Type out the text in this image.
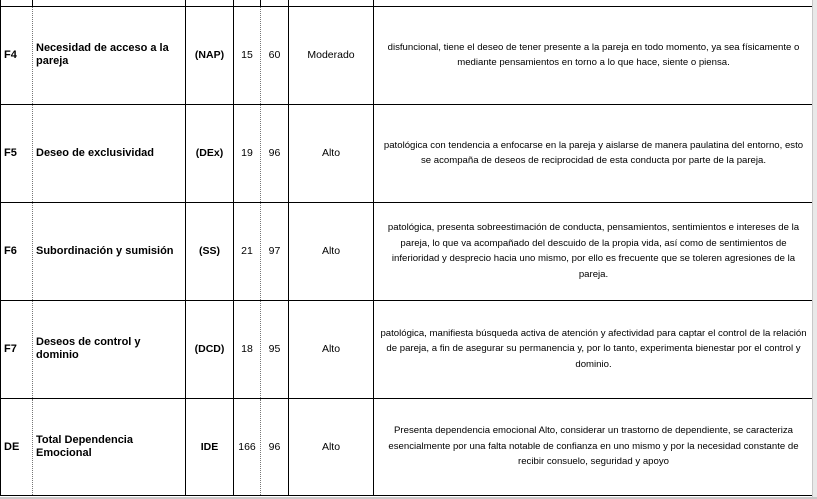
F4	Necesidad de acceso a la pareja	(NAP)	15	60	Moderado	disfuncional, tiene el deseo de tener presente a la pareja en todo momento, ya sea físicamente o mediante pensamientos en torno a lo que hace, siente o piensa.
F5	Deseo de exclusividad	(DEx)	19	96	Alto	patológica con tendencia a enfocarse en la pareja y aislarse de manera paulatina del entorno, esto se acompaña de deseos de reciprocidad de esta conducta por parte de la pareja.
F6	Subordinación y sumisión	(SS)	21	97	Alto	patológica, presenta sobreestimación de conducta, pensamientos, sentimientos e intereses de la pareja, lo que va acompañado del descuido de la propia vida, así como de sentimientos de inferioridad y desprecio hacia uno mismo, por ello es frecuente que se toleren agresiones de la pareja.
F7	Deseos de control y dominio	(DCD)	18	95	Alto	patológica, manifiesta búsqueda activa de atención y afectividad para captar el control de la relación de pareja, a fin de asegurar su permanencia y, por lo tanto, experimenta bienestar por el control y dominio.
DE	Total Dependencia Emocional	IDE	166	96	Alto	Presenta dependencia emocional Alto, considerar un trastorno de dependiente, se caracteriza esencialmente por una falta notable de confianza en uno mismo y por la necesidad constante de recibir consuelo, seguridad y apoyo
